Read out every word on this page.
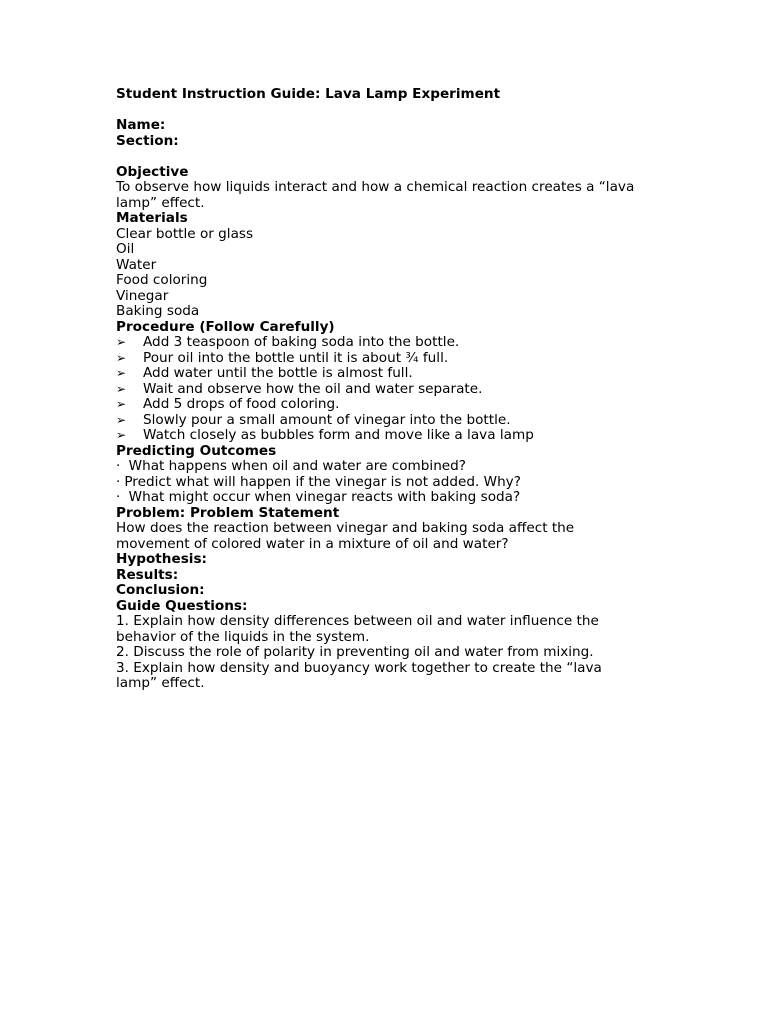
Student Instruction Guide: Lava Lamp Experiment

Name:

Section:

Objective

To observe how liquids interact and how a chemical reaction creates a “lava lamp” effect.

Materials

Clear bottle or glass

Oil

Water

Food coloring

Vinegar

Baking soda

Procedure (Follow Carefully)

➢	Add 3 teaspoon of baking soda into the bottle.
➢	Pour oil into the bottle until it is about ¾ full.
➢	Add water until the bottle is almost full.
➢	Wait and observe how the oil and water separate.
➢	Add 5 drops of food coloring.
➢	Slowly pour a small amount of vinegar into the bottle.
➢	Watch closely as bubbles form and move like a lava lamp

Predicting Outcomes

· What happens when oil and water are combined?
· Predict what will happen if the vinegar is not added. Why?
· What might occur when vinegar reacts with baking soda?

Problem: Problem Statement

How does the reaction between vinegar and baking soda affect the movement of colored water in a mixture of oil and water?

Hypothesis:

Results:

Conclusion:

Guide Questions:

1. Explain how density differences between oil and water influence the behavior of the liquids in the system.

2. Discuss the role of polarity in preventing oil and water from mixing.

3. Explain how density and buoyancy work together to create the “lava lamp” effect.
